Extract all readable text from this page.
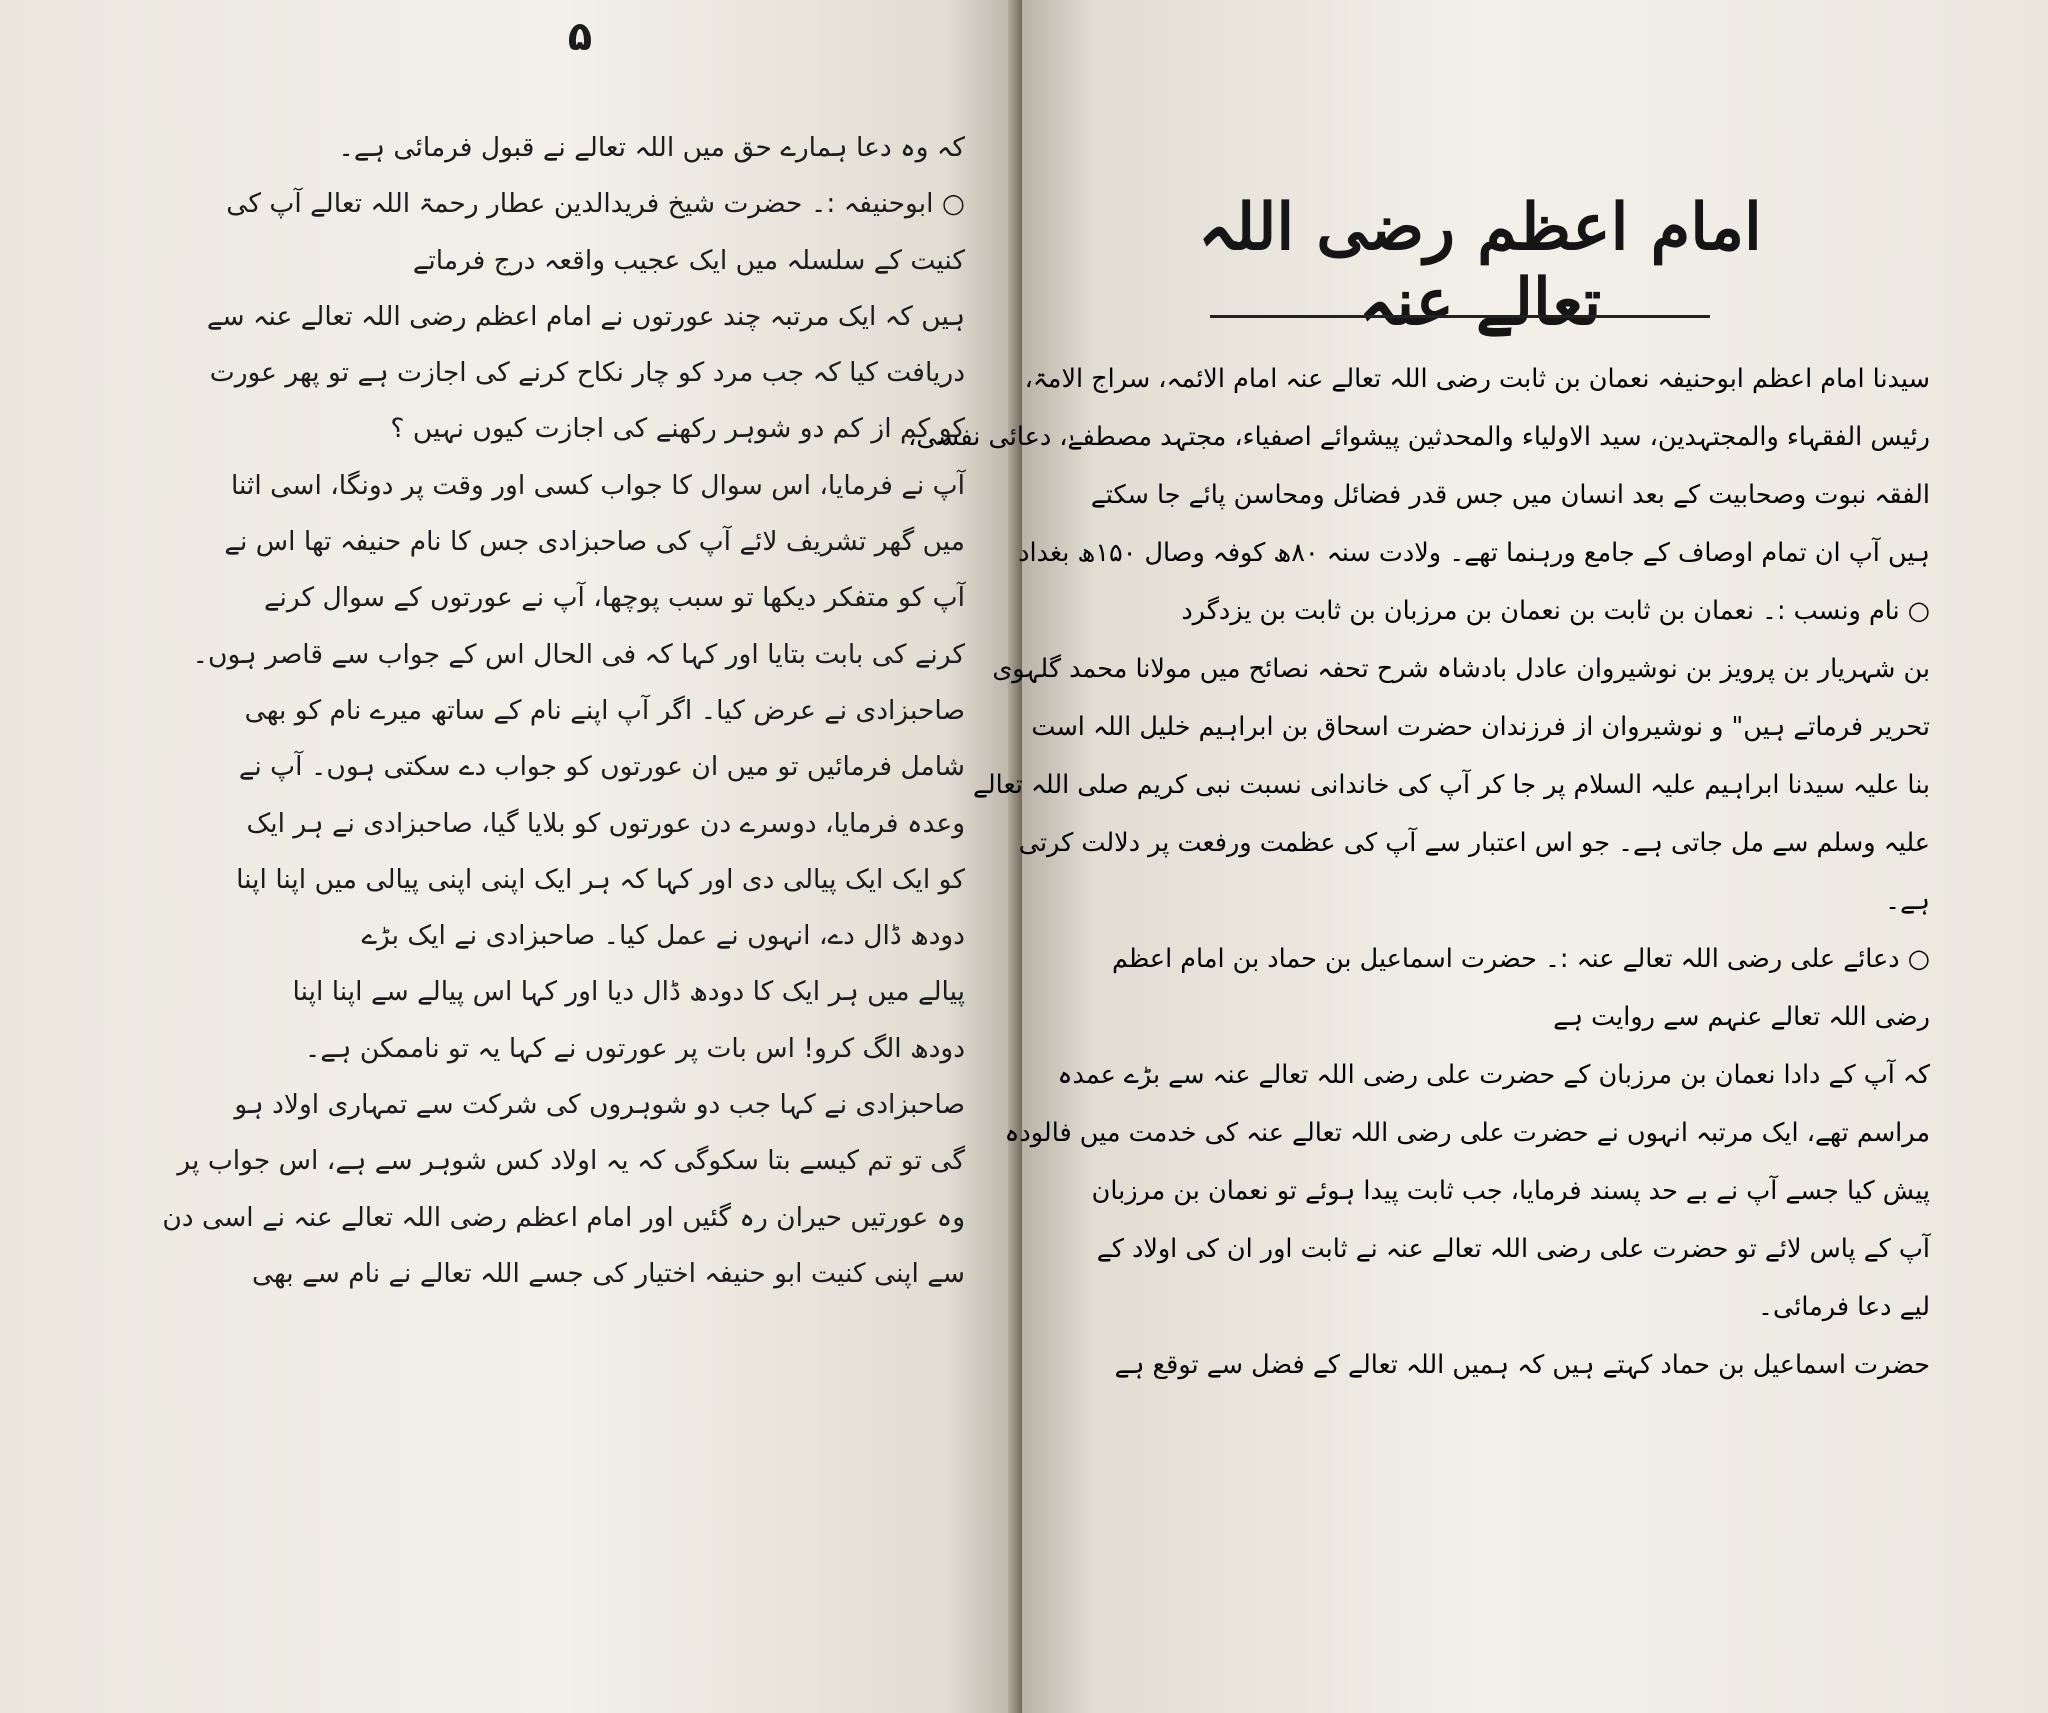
۵
کہ وہ دعا ہمارے حق میں اللہ تعالے نے قبول فرمائی ہے۔
○ ابوحنیفہ :۔ حضرت شیخ فریدالدین عطار رحمۃ اللہ تعالے آپ کی
کنیت کے سلسلہ میں ایک عجیب واقعہ درج فرماتے
ہیں کہ ایک مرتبہ چند عورتوں نے امام اعظم رضی اللہ تعالے عنہ سے
دریافت کیا کہ جب مرد کو چار نکاح کرنے کی اجازت ہے تو پھر عورت
کو کم از کم دو شوہر رکھنے کی اجازت کیوں نہیں ؟
آپ نے فرمایا، اس سوال کا جواب کسی اور وقت پر دونگا، اسی اثنا
میں گھر تشریف لائے آپ کی صاحبزادی جس کا نام حنیفہ تھا اس نے
آپ کو متفکر دیکھا تو سبب پوچھا، آپ نے عورتوں کے سوال کرنے
کرنے کی بابت بتایا اور کہا کہ فی الحال اس کے جواب سے قاصر ہوں۔
صاحبزادی نے عرض کیا۔ اگر آپ اپنے نام کے ساتھ میرے نام کو بھی
شامل فرمائیں تو میں ان عورتوں کو جواب دے سکتی ہوں۔ آپ نے
وعدہ فرمایا، دوسرے دن عورتوں کو بلایا گیا، صاحبزادی نے ہر ایک
کو ایک ایک پیالی دی اور کہا کہ ہر ایک اپنی اپنی پیالی میں اپنا اپنا
دودھ ڈال دے، انہوں نے عمل کیا۔ صاحبزادی نے ایک بڑے
پیالے میں ہر ایک کا دودھ ڈال دیا اور کہا اس پیالے سے اپنا اپنا
دودھ الگ کرو! اس بات پر عورتوں نے کہا یہ تو ناممکن ہے۔
صاحبزادی نے کہا جب دو شوہروں کی شرکت سے تمہاری اولاد ہو
گی تو تم کیسے بتا سکوگی کہ یہ اولاد کس شوہر سے ہے، اس جواب پر
وہ عورتیں حیران رہ گئیں اور امام اعظم رضی اللہ تعالے عنہ نے اسی دن
سے اپنی کنیت ابو حنیفہ اختیار کی جسے اللہ تعالے نے نام سے بھی
امام اعظم رضی اللہ تعالے عنہ
سیدنا امام اعظم ابوحنیفہ نعمان بن ثابت رضی اللہ تعالے عنہ امام الائمہ، سراج الامۃ،
رئیس الفقہاء والمجتہدین، سید الاولیاء والمحدثین پیشوائے اصفیاء، مجتہد مصطفےٰ، دعائی نفسی،
الفقہ نبوت وصحابیت کے بعد انسان میں جس قدر فضائل ومحاسن پائے جا سکتے
ہیں آپ ان تمام اوصاف کے جامع ورہنما تھے۔ ولادت سنہ ۸۰ھ کوفہ وصال ۱۵۰ھ بغداد
○ نام ونسب :۔ نعمان بن ثابت بن نعمان بن مرزبان بن ثابت بن یزدگرد
بن شہریار بن پرویز بن نوشیروان عادل بادشاہ شرح تحفہ نصائح میں مولانا محمد گلہوی
تحریر فرماتے ہیں" و نوشیروان از فرزندان حضرت اسحاق بن ابراہیم خلیل اللہ است
بنا علیہ سیدنا ابراہیم علیہ السلام پر جا کر آپ کی خاندانی نسبت نبی کریم صلی اللہ تعالے
علیہ وسلم سے مل جاتی ہے۔ جو اس اعتبار سے آپ کی عظمت ورفعت پر دلالت کرتی
ہے۔
○ دعائے علی رضی اللہ تعالے عنہ :۔ حضرت اسماعیل بن حماد بن امام اعظم
رضی اللہ تعالے عنہم سے روایت ہے
کہ آپ کے دادا نعمان بن مرزبان کے حضرت علی رضی اللہ تعالے عنہ سے بڑے عمدہ
مراسم تھے، ایک مرتبہ انہوں نے حضرت علی رضی اللہ تعالے عنہ کی خدمت میں فالودہ
پیش کیا جسے آپ نے بے حد پسند فرمایا، جب ثابت پیدا ہوئے تو نعمان بن مرزبان
آپ کے پاس لائے تو حضرت علی رضی اللہ تعالے عنہ نے ثابت اور ان کی اولاد کے
لیے دعا فرمائی۔
حضرت اسماعیل بن حماد کہتے ہیں کہ ہمیں اللہ تعالے کے فضل سے توقع ہے
